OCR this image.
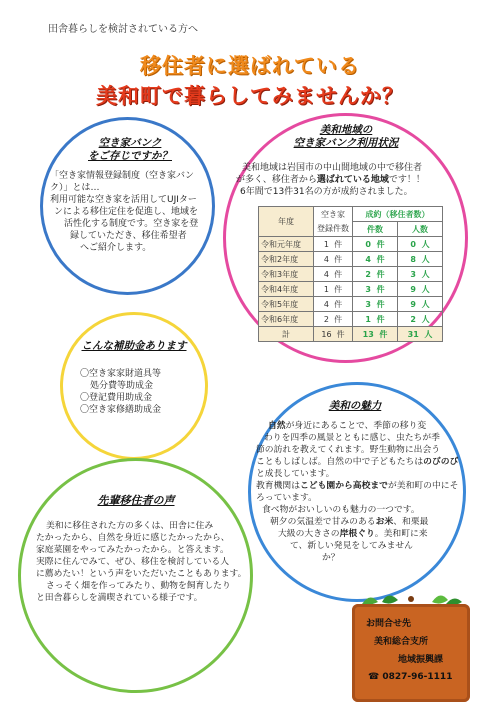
田舎暮らしを検討されている方へ
移住者に選ばれている
美和町で暮らしてみませんか？
空き家バンク
をご存じですか？
「空き家情報登録制度（空き家バン
ク）」とは…
利用可能な空き家を活用してUJIター
ンによる移住定住を促進し、地域を
活性化する制度です。空き家を登
録していただき、移住希望者
へご紹介します。
美和地域の
空き家バンク利用状況
美和地域は岩国市の中山間地域の中で移住者
が多く、移住者から選ばれている地域です！！
6年間で13件31名の方が成約されました。
年度	空き家	成約（移住者数）	
	登録件数	件数	人数
令和元年度	1 件	0 件	0 人
令和2年度	4 件	4 件	8 人
令和3年度	4 件	2 件	3 人
令和4年度	1 件	3 件	9 人
令和5年度	4 件	3 件	9 人
令和6年度	2 件	1 件	2 人
計	16 件	13 件	31 人
こんな補助金あります
〇空き家家財道具等
処分費等助成金
〇登記費用助成金
〇空き家修繕助成金	美和の魅力
自然が身近にあることで、季節の移り変
わりを四季の風景とともに感じ、虫たちが季
節の訪れを教えてくれます。野生動物に出会う
こともしばしば。自然の中で子どもたちはのびのび
と成長しています。
教育機関はこども園から高校までが美和町の中にそ
ろっています。
食べ物がおいしいのも魅力の一つです。
朝夕の気温差で甘みのあるお米、和栗最
大級の大きさの岸根ぐり。美和町に来
て、新しい発見をしてみません
か？
先輩移住者の声
美和に移住された方の多くは、田舎に住み
たかったから、自然を身近に感じたかったから、
家庭菜園をやってみたかったから。と答えます。
実際に住んでみて、ぜひ、移住を検討している人
に薦めたい！という声をいただいたこともあります。
さっそく畑を作ってみたり、動物を飼育したり
と田舎暮らしを満喫されている様子です。
お問合せ先
美和総合支所
地域振興課
☎ 0827-96-1111
